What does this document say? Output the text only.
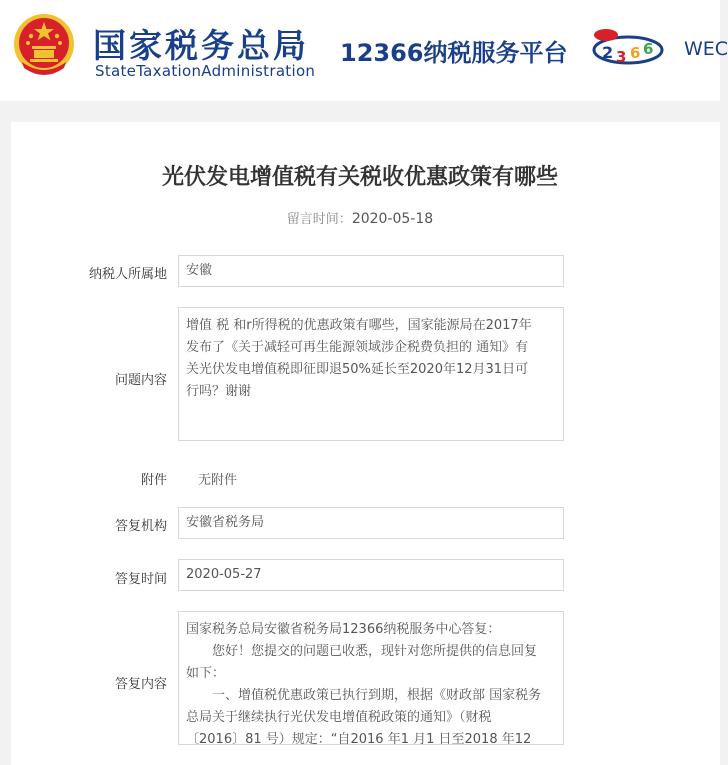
国家税务总局
StateTaxationAdministration
12366纳税服务平台 2 3 6 6 WEC
光伏发电增值税有关税收优惠政策有哪些
留言时间：2020-05-18
纳税人所属地	安徽
问题内容
增值 税 和r所得税的优惠政策有哪些，国家能源局在2017年
发布了《关于减轻可再生能源领域涉企税费负担的 通知》有
关光伏发电增值税即征即退50%延长至2020年12月31日可
行吗？谢谢
附件 无附件
答复机构	安徽省税务局
答复时间	2020-05-27
答复内容
国家税务总局安徽省税务局12366纳税服务中心答复：
　　您好！您提交的问题已收悉，现针对您所提供的信息回复
如下：
　　一、增值税优惠政策已执行到期，根据《财政部 国家税务
总局关于继续执行光伏发电增值税政策的通知》（财税
〔2016〕81 号）规定：“自2016 年1 月1 日至2018 年12
